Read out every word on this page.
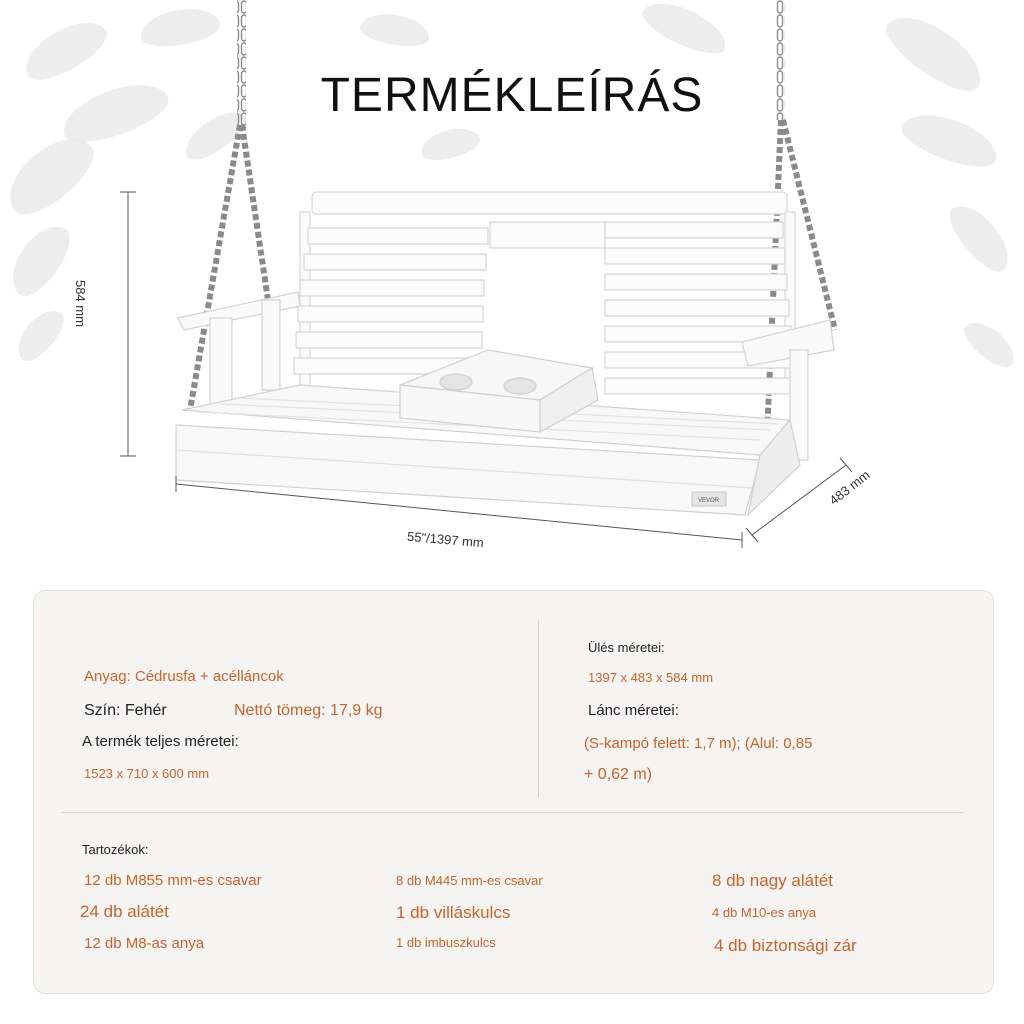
TERMÉKLEÍRÁS
VEVOR
584 mm
55"/1397 mm
483 mm
Anyag: Cédrusfa + acélláncok
Szín: Fehér	Nettó tömeg: 17,9 kg
A termék teljes méretei:
1523 x 710 x 600 mm
Ülés méretei:
1397 x 483 x 584 mm
Lánc méretei:
(S-kampó felett: 1,7 m); (Alul: 0,85
+ 0,62 m)
Tartozékok:
12 db M855 mm-es csavar	8 db M445 mm-es csavar	8 db nagy alátét
24 db alátét	1 db villáskulcs	4 db M10-es anya
12 db M8-as anya	1 db imbuszkulcs	4 db biztonsági zár
